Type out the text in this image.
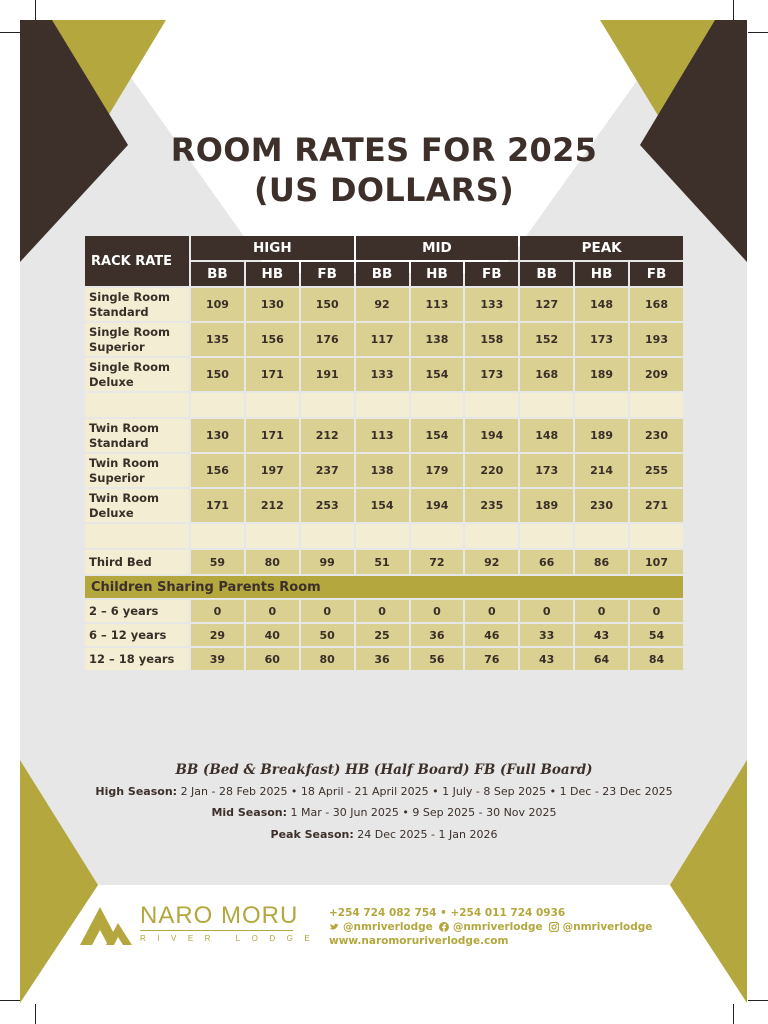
ROOM RATES FOR 2025
(US DOLLARS)
RACK RATE	HIGH			MID			PEAK		
	BB	HB	FB	BB	HB	FB	BB	HB	FB

Single Room
Standard	109	130	150	92	113	133	127	148	168

Single Room
Superior	135	156	176	117	138	158	152	173	193

Single Room
Deluxe	150	171	191	133	154	173	168	189	209

Twin Room
Standard	130	171	212	113	154	194	148	189	230

Twin Room
Superior	156	197	237	138	179	220	173	214	255

Twin Room
Deluxe	171	212	253	154	194	235	189	230	271

Third Bed	59	80	99	51	72	92	66	86	107
Children Sharing Parents Room									
2 – 6 years	0	0	0	0	0	0	0	0	0
6 – 12 years	29	40	50	25	36	46	33	43	54
12 – 18 years	39	60	80	36	56	76	43	64	84
BB (Bed & Breakfast) HB (Half Board) FB (Full Board)
High Season: 2 Jan - 28 Feb 2025 • 18 April - 21 April 2025 • 1 July - 8 Sep 2025 • 1 Dec - 23 Dec 2025
Mid Season: 1 Mar - 30 Jun 2025 • 9 Sep 2025 - 30 Nov 2025
Peak Season: 24 Dec 2025 - 1 Jan 2026
NARO MORU
RIVER LODGE
+254 724 082 754 • +254 011 724 0936
@nmriverlodge @nmriverlodge @nmriverlodge
www.naromoruriverlodge.com
